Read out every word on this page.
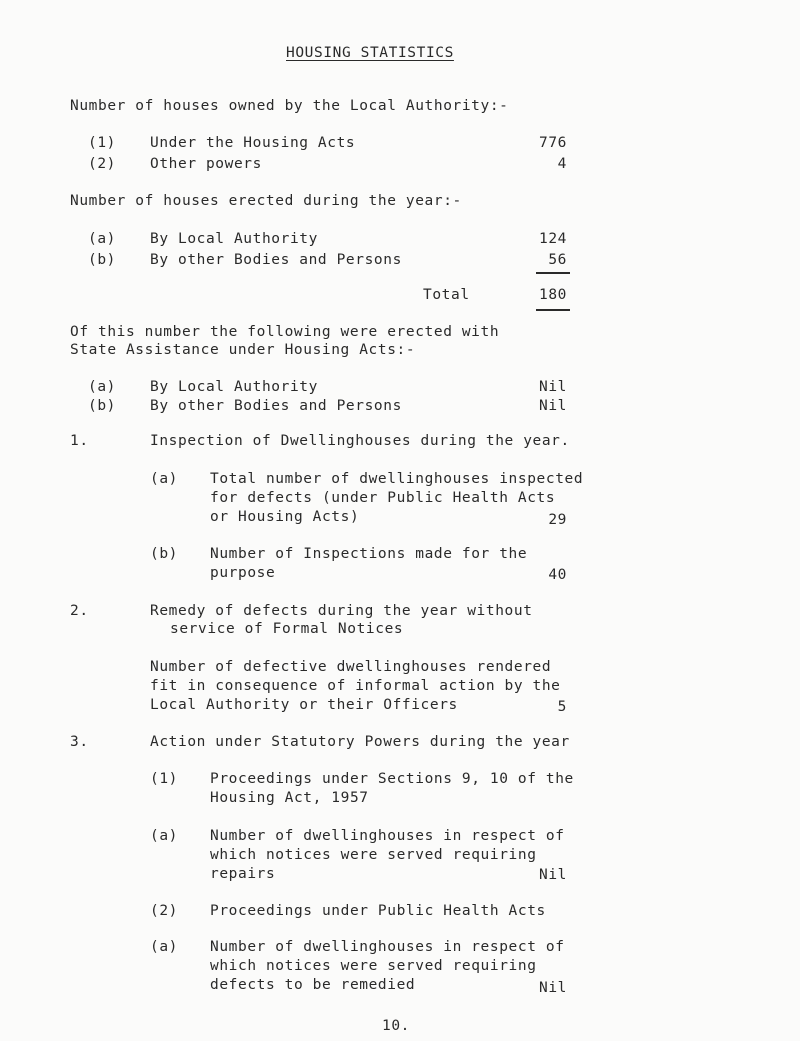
HOUSING STATISTICS
Number of houses owned by the Local Authority:-
(1) Under the Housing Acts	776
(2) Other powers	4
Number of houses erected during the year:-
(a) By Local Authority	124
(b) By other Bodies and Persons	56
Total	180
Of this number the following were erected with
State Assistance under Housing Acts:-
(a) By Local Authority	Nil
(b) By other Bodies and Persons	Nil
1.	Inspection of Dwellinghouses during the year.
(a) Total number of dwellinghouses inspected
for defects (under Public Health Acts
or Housing Acts)	29
(b) Number of Inspections made for the
purpose	40
2.	Remedy of defects during the year without
service of Formal Notices
Number of defective dwellinghouses rendered
fit in consequence of informal action by the
Local Authority or their Officers	5
3.	Action under Statutory Powers during the year
(1) Proceedings under Sections 9, 10 of the
Housing Act, 1957
(a) Number of dwellinghouses in respect of
which notices were served requiring
repairs	Nil
(2) Proceedings under Public Health Acts
(a) Number of dwellinghouses in respect of
which notices were served requiring
defects to be remedied	Nil
10.
